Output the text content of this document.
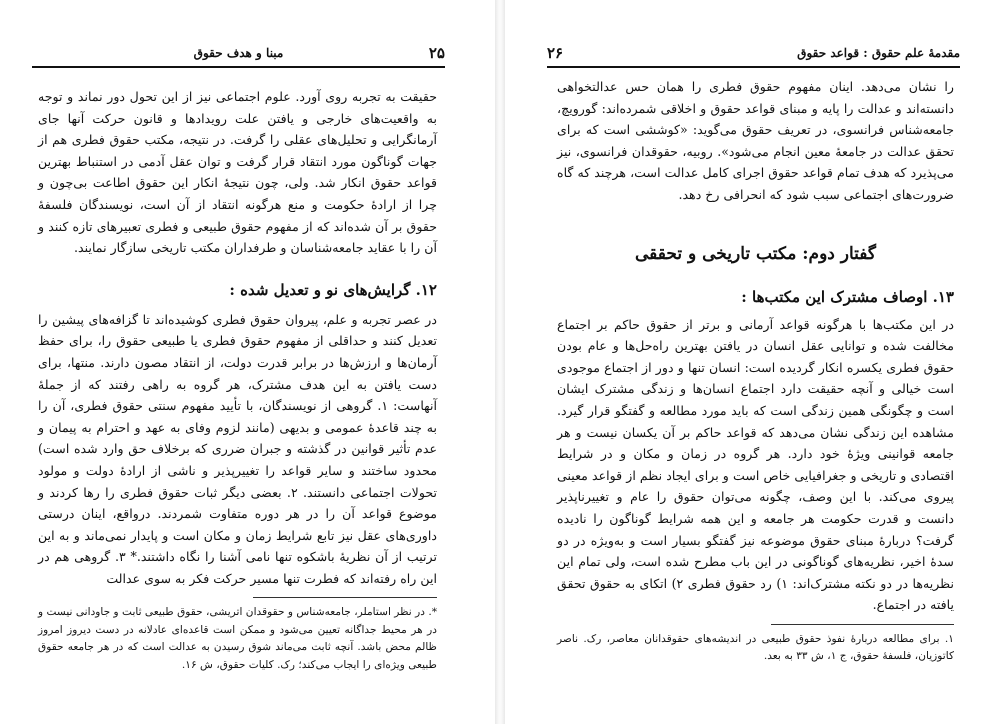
۲۵
مبنا و هدف حقوق

حقیقت به تجربه روی آورد. علوم اجتماعی نیز از این تحول دور نماند و توجه به واقعیت‌های خارجی و یافتن علت رویدادها و قانون حرکت آنها جای آرمانگرایی و تحلیل‌های عقلی را گرفت. در نتیجه، مکتب حقوق فطری هم از جهات گوناگون مورد انتقاد قرار گرفت و توان عقل آدمی در استنباط بهترین قواعد حقوق انکار شد. ولی، چون نتیجهٔ انکار این حقوق اطاعت بی‌چون و چرا از ارادهٔ حکومت و منع هرگونه انتقاد از آن است، نویسندگان فلسفهٔ حقوق بر آن شده‌اند که از مفهوم حقوق طبیعی و فطری تعبیرهای تازه کنند و آن را با عقاید جامعه‌شناسان و طرفداران مکتب تاریخی سازگار نمایند.

۱۲. گرایش‌های نو و تعدیل شده :

در عصر تجربه و علم، پیروان حقوق فطری کوشیده‌اند تا گزافه‌های پیشین را تعدیل کنند و حداقلی از مفهوم حقوق فطری یا طبیعی حقوق را، برای حفظ آرمان‌ها و ارزش‌ها در برابر قدرت دولت، از انتقاد مصون دارند. منتها، برای دست یافتن به این هدف مشترک، هر گروه به راهی رفتند که از جملهٔ آنهاست: ۱. گروهی از نویسندگان، با تأیید مفهوم سنتی حقوق فطری، آن را به چند قاعدهٔ عمومی و بدیهی (مانند لزوم وفای به عهد و احترام به پیمان و عدم تأثیر قوانین در گذشته و جبران ضرری که برخلاف حق وارد شده است) محدود ساختند و سایر قواعد را تغییرپذیر و ناشی از ارادهٔ دولت و مولود تحولات اجتماعی دانستند. ۲. بعضی دیگر ثبات حقوق فطری را رها کردند و موضوع قواعد آن را در هر دوره متفاوت شمردند. درواقع، اینان درستی داوری‌های عقل نیز تابع شرایط زمان و مکان است و پایدار نمی‌ماند و به این ترتیب از آن نظریهٔ باشکوه تنها نامی آشنا را نگاه داشتند.* ۳. گروهی هم در این راه رفته‌اند که فطرت تنها مسیر حرکت فکر به سوی عدالت

*. در نظر استاملر، جامعه‌شناس و حقوقدان اتریشی، حقوق طبیعی ثابت و جاودانی نیست و در هر محیط جداگانه تعیین می‌شود و ممکن است قاعده‌ای عادلانه در دست دیروز امروز ظالم محض باشد. آنچه ثابت می‌ماند شوق رسیدن به عدالت است که در هر جامعه حقوق طبیعی ویژه‌ای را ایجاب می‌کند؛ رک. کلیات حقوق، ش ۱۶.

مقدمهٔ علم حقوق : قواعد حقوق
۲۶

را نشان می‌دهد. اینان مفهوم حقوق فطری را همان حس عدالتخواهی دانسته‌اند و عدالت را پایه و مبنای قواعد حقوق و اخلاقی شمرده‌اند: گورویچ، جامعه‌شناس فرانسوی، در تعریف حقوق می‌گوید: «کوششی است که برای تحقق عدالت در جامعهٔ معین انجام می‌شود». روبیه، حقوقدان فرانسوی، نیز می‌پذیرد که هدف تمام قواعد حقوق اجرای کامل عدالت است، هرچند که گاه ضرورت‌های اجتماعی سبب شود که انحرافی رخ دهد.

گفتار دوم: مکتب تاریخی و تحققی
۱۳. اوصاف مشترک این مکتب‌ها :

در این مکتب‌ها با هرگونه قواعد آرمانی و برتر از حقوق حاکم بر اجتماع مخالفت شده و توانایی عقل انسان در یافتن بهترین راه‌حل‌ها و عام بودن حقوق فطری یکسره انکار گردیده است: انسان تنها و دور از اجتماع موجودی است خیالی و آنچه حقیقت دارد اجتماع انسان‌ها و زندگی مشترک ایشان است و چگونگی همین زندگی است که باید مورد مطالعه و گفتگو قرار گیرد. مشاهده این زندگی نشان می‌دهد که قواعد حاکم بر آن یکسان نیست و هر جامعه قوانینی ویژهٔ خود دارد. هر گروه در زمان و مکان و در شرایط اقتصادی و تاریخی و جغرافیایی خاص است و برای ایجاد نظم از قواعد معینی پیروی می‌کند. با این وصف، چگونه می‌توان حقوق را عام و تغییرناپذیر دانست و قدرت حکومت هر جامعه و این همه شرایط گوناگون را نادیده گرفت؟ دربارهٔ مبنای حقوق موضوعه نیز گفتگو بسیار است و به‌ویژه در دو سدهٔ اخیر، نظریه‌های گوناگونی در این باب مطرح شده است، ولی تمام این نظریه‌ها در دو نکته مشترک‌اند: ۱) رد حقوق فطری ۲) اتکای به حقوق تحقق یافته در اجتماع.

۱. برای مطالعه دربارهٔ نفوذ حقوق طبیعی در اندیشه‌های حقوقدانان معاصر، رک. ناصر کاتوزیان، فلسفهٔ حقوق، ج ۱، ش ۳۳ به بعد.
